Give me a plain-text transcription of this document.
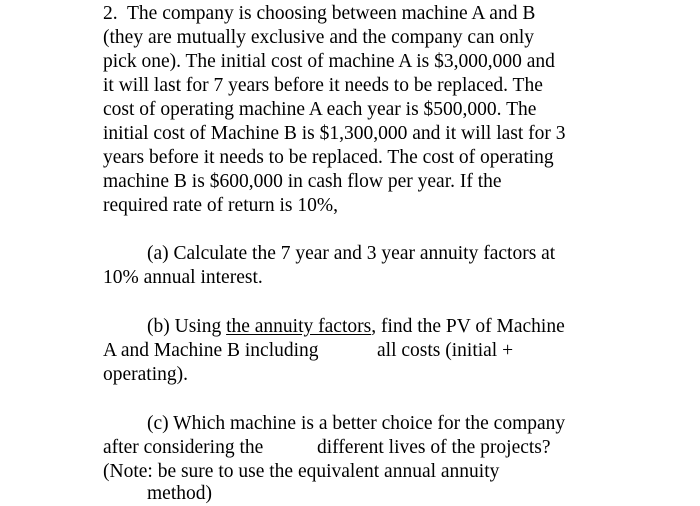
2.  The company is choosing between machine A and B
(they are mutually exclusive and the company can only
pick one). The initial cost of machine A is $3,000,000 and
it will last for 7 years before it needs to be replaced. The
cost of operating machine A each year is $500,000. The
initial cost of Machine B is $1,300,000 and it will last for 3
years before it needs to be replaced. The cost of operating
machine B is $600,000 in cash flow per year. If the
required rate of return is 10%,
(a) Calculate the 7 year and 3 year annuity factors at
10% annual interest.
(b) Using the annuity factors, find the PV of Machine
A and Machine B including	all costs (initial +
operating).
(c) Which machine is a better choice for the company
after considering the	different lives of the projects?
(Note: be sure to use the equivalent annual annuity
method)
